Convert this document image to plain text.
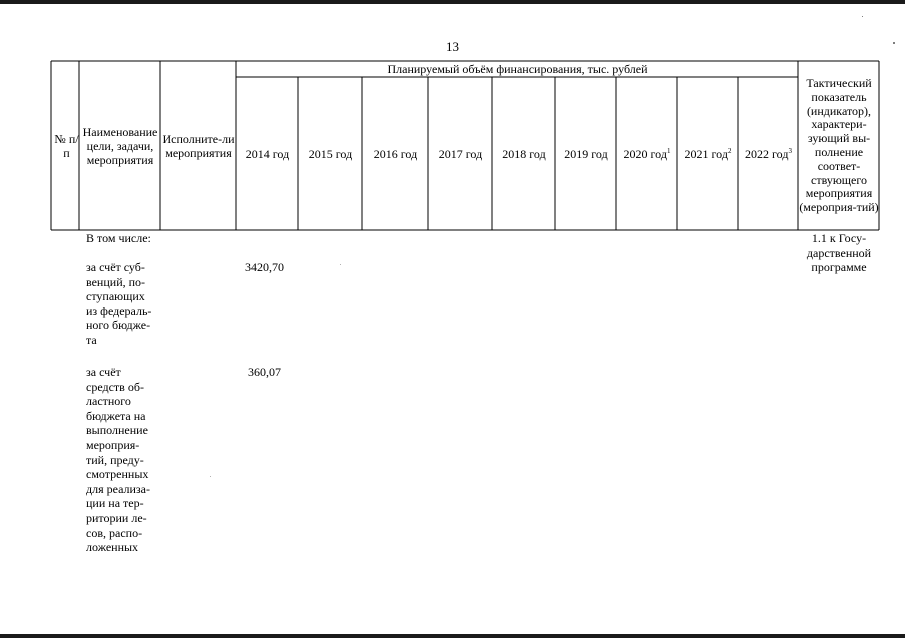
13
№ п/п
Наименование цели, задачи, мероприятия
Исполните-ли мероприятия
Планируемый объём финансирования, тыс. рублей
Тактический показатель (индикатор), характери-зующий вы-полнение соответ-ствующего мероприятия (мероприя-тий)
2014 год 2015 год 2016 год 2017 год 2018 год 2019 год 2020 год$^1$ 2021 год$^2$ 2022 год$^3$
В том числе:	1.1 к Госу-дарственной программе
за счёт суб-венций, по-ступающих из федераль-ного бюдже-та
3420,70
за счёт средств об-ластного бюджета на выполнение мероприя-тий, преду-смотренных для реализа-ции на тер-ритории ле-сов, распо-ложенных
360,07
